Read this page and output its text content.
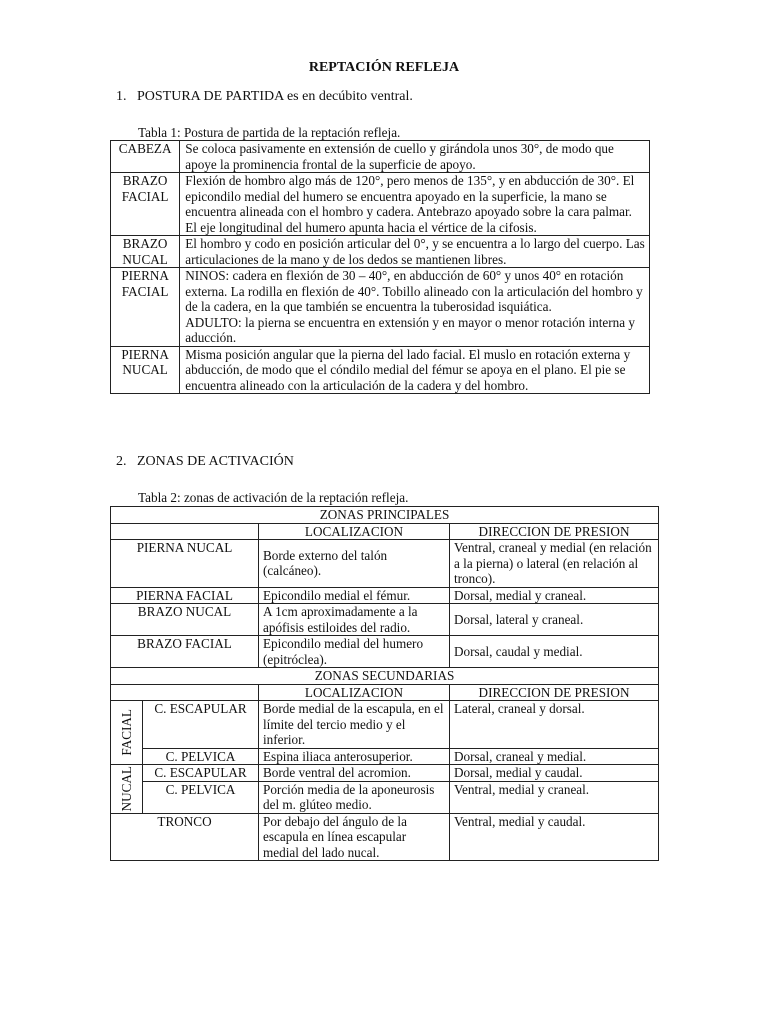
REPTACIÓN REFLEJA
1. POSTURA DE PARTIDA es en decúbito ventral.
Tabla 1: Postura de partida de la reptación refleja.
CABEZA	Se coloca pasivamente en extensión de cuello y girándola unos 30°, de modo que apoye la prominencia frontal de la superficie de apoyo.
BRAZO FACIAL	Flexión de hombro algo más de 120°, pero menos de 135°, y en abducción de 30°. El epicondilo medial del humero se encuentra apoyado en la superficie, la mano se encuentra alineada con el hombro y cadera. Antebrazo apoyado sobre la cara palmar.
El eje longitudinal del humero apunta hacia el vértice de la cifosis.
BRAZO NUCAL	El hombro y codo en posición articular del 0°, y se encuentra a lo largo del cuerpo. Las articulaciones de la mano y de los dedos se mantienen libres.
PIERNA FACIAL	NINOS: cadera en flexión de 30 – 40°, en abducción de 60° y unos 40° en rotación externa. La rodilla en flexión de 40°. Tobillo alineado con la articulación del hombro y de la cadera, en la que también se encuentra la tuberosidad isquiática.
ADULTO: la pierna se encuentra en extensión y en mayor o menor rotación interna y aducción.
PIERNA NUCAL	Misma posición angular que la pierna del lado facial. El muslo en rotación externa y abducción, de modo que el cóndilo medial del fémur se apoya en el plano. El pie se encuentra alineado con la articulación de la cadera y del hombro.
2. ZONAS DE ACTIVACIÓN
Tabla 2: zonas de activación de la reptación refleja.
ZONAS PRINCIPALES			
		LOCALIZACION	DIRECCION DE PRESION
PIERNA NUCAL		Borde externo del talón (calcáneo).	Ventral, craneal y medial (en relación a la pierna) o lateral (en relación al tronco).
PIERNA FACIAL		Epicondilo medial el fémur.	Dorsal, medial y craneal.
BRAZO NUCAL		A 1cm aproximadamente a la apófisis estiloides del radio.	Dorsal, lateral y craneal.
BRAZO FACIAL		Epicondilo medial del humero (epitróclea).	Dorsal, caudal y medial.
ZONAS SECUNDARIAS			
		LOCALIZACION	DIRECCION DE PRESION

FACIAL	C. ESCAPULAR	Borde medial de la escapula, en el límite del tercio medio y el inferior.	Lateral, craneal y dorsal.
	C. PELVICA	Espina iliaca anterosuperior.	Dorsal, craneal y medial.

NUCAL	C. ESCAPULAR	Borde ventral del acromion.	Dorsal, medial y caudal.
	C. PELVICA	Porción media de la aponeurosis del m. glúteo medio.	Ventral, medial y craneal.
TRONCO		Por debajo del ángulo de la escapula en línea escapular medial del lado nucal.	Ventral, medial y caudal.
